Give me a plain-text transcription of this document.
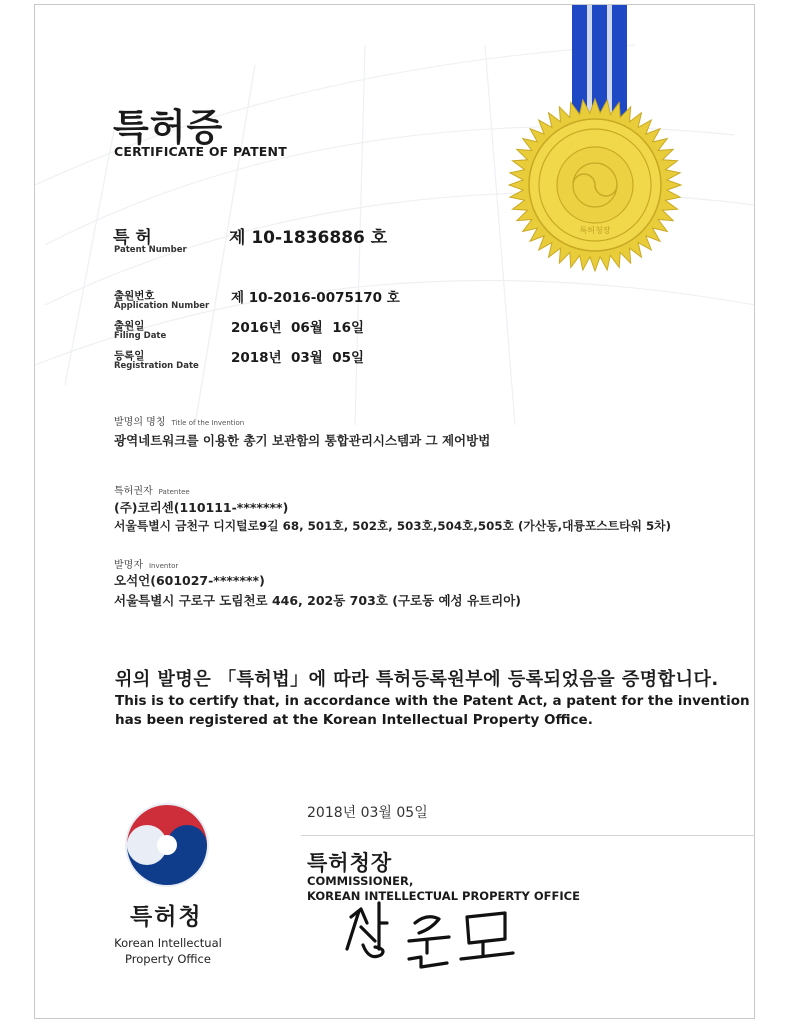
특허청장
특허증
CERTIFICATE OF PATENT
특 허
Patent Number
제 10-1836886 호
출원번호
Application Number 제 10-2016-0075170 호
출원일
Filing Date	2016년  06월  16일
등록일
Registration Date 2018년  03월  05일
발명의 명칭 Title of the Invention
광역네트워크를 이용한 총기 보관함의 통합관리시스템과 그 제어방법
특허권자 Patentee
(주)코리센(110111-*******)
서울특별시 금천구 디지털로9길 68, 501호, 502호, 503호,504호,505호 (가산동,대륭포스트타워 5차)
발명자 Inventor
오석언(601027-*******)
서울특별시 구로구 도림천로 446, 202동 703호 (구로동 예성 유트리아)
위의 발명은 「특허법」에 따라 특허등록원부에 등록되었음을 증명합니다.
This is to certify that, in accordance with the Patent Act, a patent for the invention
has been registered at the Korean Intellectual Property Office.
2018년 03월 05일
특허청장
COMMISSIONER,
KOREAN INTELLECTUAL PROPERTY OFFICE
특허청
Korean Intellectual
Property Office
